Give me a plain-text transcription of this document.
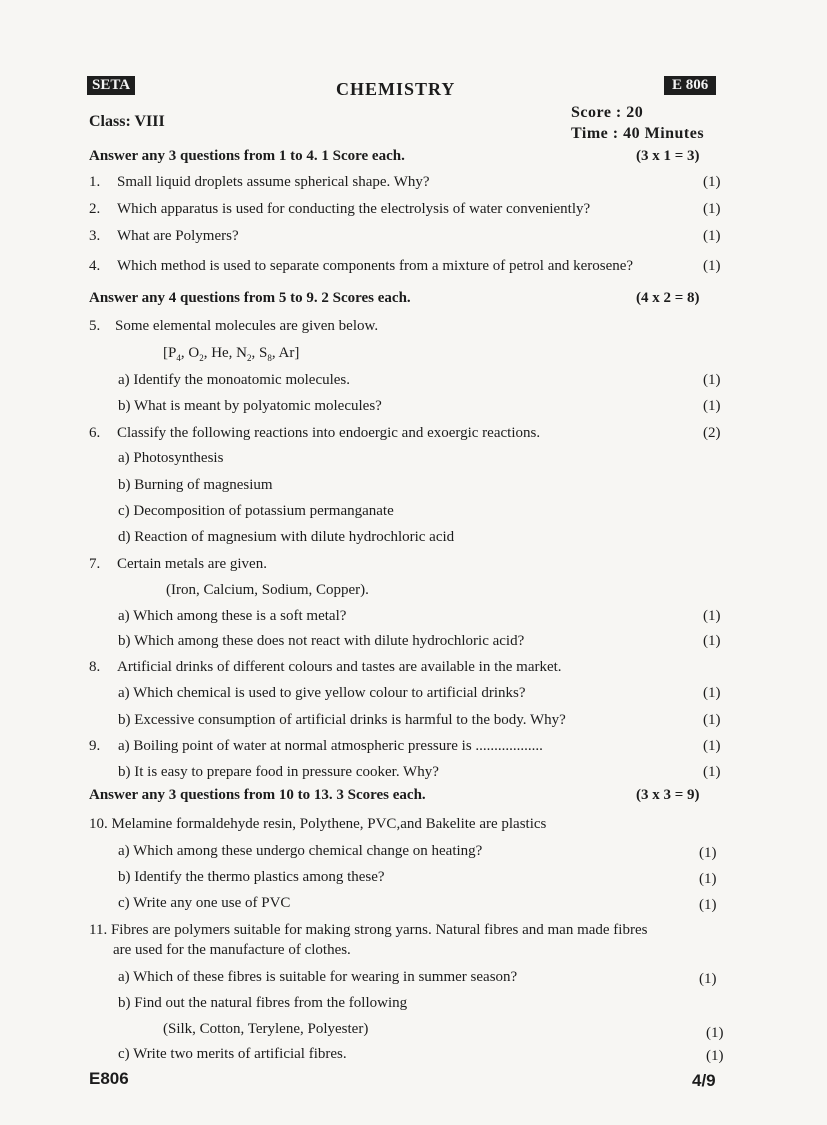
SETA	CHEMISTRY	E 806
Class: VIII
Score : 20
Time : 40 Minutes
Answer any 3 questions from 1 to 4. 1 Score each.	(3 x 1 = 3)
1. Small liquid droplets assume spherical shape. Why?	(1)
2. Which apparatus is used for conducting the electrolysis of water conveniently?	(1)
3. What are Polymers?	(1)
4. Which method is used to separate components from a mixture of petrol and kerosene?	(1)
Answer any 4 questions from 5 to 9. 2 Scores each.	(4 x 2 = 8)
5. Some elemental molecules are given below.
[$P_4$, $O_2$, He, $N_2$, $S_8$, Ar]
a) Identify the monoatomic molecules.	(1)
b) What is meant by polyatomic molecules?	(1)
6. Classify the following reactions into endoergic and exoergic reactions.	(2)
a) Photosynthesis
b) Burning of magnesium
c) Decomposition of potassium permanganate
d) Reaction of magnesium with dilute hydrochloric acid
7. Certain metals are given.
(Iron, Calcium, Sodium, Copper).
a) Which among these is a soft metal?	(1)
b) Which among these does not react with dilute hydrochloric acid?	(1)
8. Artificial drinks of different colours and tastes are available in the market.
a) Which chemical is used to give yellow colour to artificial drinks?	(1)
b) Excessive consumption of artificial drinks is harmful to the body. Why?	(1)
9. a) Boiling point of water at normal atmospheric pressure is ..................	(1)
b) It is easy to prepare food in pressure cooker. Why?	(1)
Answer any 3 questions from 10 to 13. 3 Scores each.	(3 x 3 = 9)
10. Melamine formaldehyde resin, Polythene, PVC,and Bakelite are plastics
a) Which among these undergo chemical change on heating?	(1)
b) Identify the thermo plastics among these?	(1)
c) Write any one use of PVC	(1)
11. Fibres are polymers suitable for making strong yarns. Natural fibres and man made fibres
are used for the manufacture of clothes.
a) Which of these fibres is suitable for wearing in summer season?	(1)
b) Find out the natural fibres from the following
(Silk, Cotton, Terylene, Polyester)	(1)
c) Write two merits of artificial fibres.	(1)
E806	4/9
